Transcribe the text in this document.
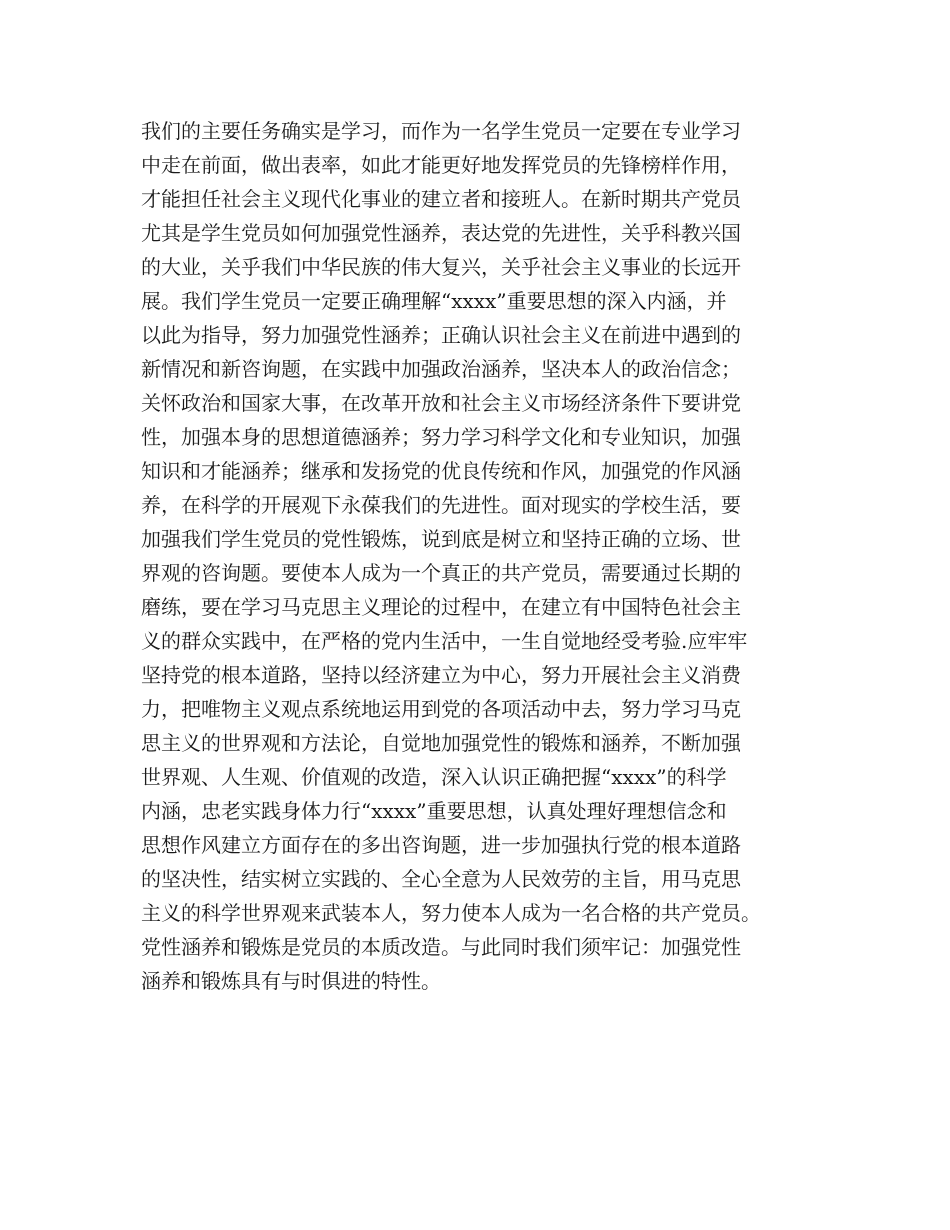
我们的主要任务确实是学习，而作为一名学生党员一定要在专业学习
中走在前面，做出表率，如此才能更好地发挥党员的先锋榜样作用，
才能担任社会主义现代化事业的建立者和接班人。在新时期共产党员
尤其是学生党员如何加强党性涵养，表达党的先进性，关乎科教兴国
的大业，关乎我们中华民族的伟大复兴，关乎社会主义事业的长远开
展。我们学生党员一定要正确理解“xxxx”重要思想的深入内涵，并
以此为指导，努力加强党性涵养；正确认识社会主义在前进中遇到的
新情况和新咨询题，在实践中加强政治涵养，坚决本人的政治信念；
关怀政治和国家大事，在改革开放和社会主义市场经济条件下要讲党
性，加强本身的思想道德涵养；努力学习科学文化和专业知识，加强
知识和才能涵养；继承和发扬党的优良传统和作风，加强党的作风涵
养，在科学的开展观下永葆我们的先进性。面对现实的学校生活，要
加强我们学生党员的党性锻炼，说到底是树立和坚持正确的立场、世
界观的咨询题。要使本人成为一个真正的共产党员，需要通过长期的
磨练，要在学习马克思主义理论的过程中，在建立有中国特色社会主
义的群众实践中，在严格的党内生活中，一生自觉地经受考验.应牢牢
坚持党的根本道路，坚持以经济建立为中心，努力开展社会主义消费
力，把唯物主义观点系统地运用到党的各项活动中去，努力学习马克
思主义的世界观和方法论，自觉地加强党性的锻炼和涵养，不断加强
世界观、人生观、价值观的改造，深入认识正确把握“xxxx”的科学
内涵，忠老实践身体力行“xxxx”重要思想，认真处理好理想信念和
思想作风建立方面存在的多出咨询题，进一步加强执行党的根本道路
的坚决性，结实树立实践的、全心全意为人民效劳的主旨，用马克思
主义的科学世界观来武装本人，努力使本人成为一名合格的共产党员。
党性涵养和锻炼是党员的本质改造。与此同时我们须牢记：加强党性
涵养和锻炼具有与时俱进的特性。
